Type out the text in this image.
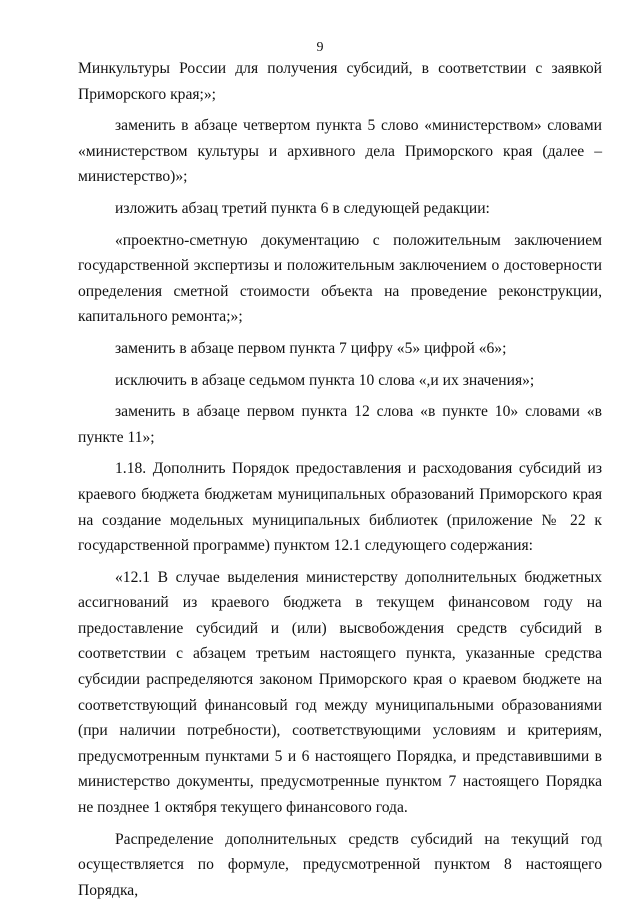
9

Минкультуры России для получения субсидий, в соответствии с заявкой Приморского края;»;

заменить в абзаце четвертом пункта 5 слово «министерством» словами «министерством культуры и архивного дела Приморского края (далее – министерство)»;

изложить абзац третий пункта 6 в следующей редакции:

«проектно-сметную документацию с положительным заключением государственной экспертизы и положительным заключением о достоверности определения сметной стоимости объекта на проведение реконструкции, капитального ремонта;»;

заменить в абзаце первом пункта 7 цифру «5» цифрой «6»;

исключить в абзаце седьмом пункта 10 слова «,и их значения»;

заменить в абзаце первом пункта 12 слова «в пункте 10» словами «в пункте 11»;

1.18. Дополнить Порядок предоставления и расходования субсидий из краевого бюджета бюджетам муниципальных образований Приморского края на создание модельных муниципальных библиотек (приложение № 22 к государственной программе) пунктом 12.1 следующего содержания:

«12.1 В случае выделения министерству дополнительных бюджетных ассигнований из краевого бюджета в текущем финансовом году на предоставление субсидий и (или) высвобождения средств субсидий в соответствии с абзацем третьим настоящего пункта, указанные средства субсидии распределяются законом Приморского края о краевом бюджете на соответствующий финансовый год между муниципальными образованиями (при наличии потребности), соответствующими условиям и критериям, предусмотренным пунктами 5 и 6 настоящего Порядка, и представившими в министерство документы, предусмотренные пунктом 7 настоящего Порядка не позднее 1 октября текущего финансового года.

Распределение дополнительных средств субсидий на текущий год осуществляется по формуле, предусмотренной пунктом 8 настоящего Порядка,
